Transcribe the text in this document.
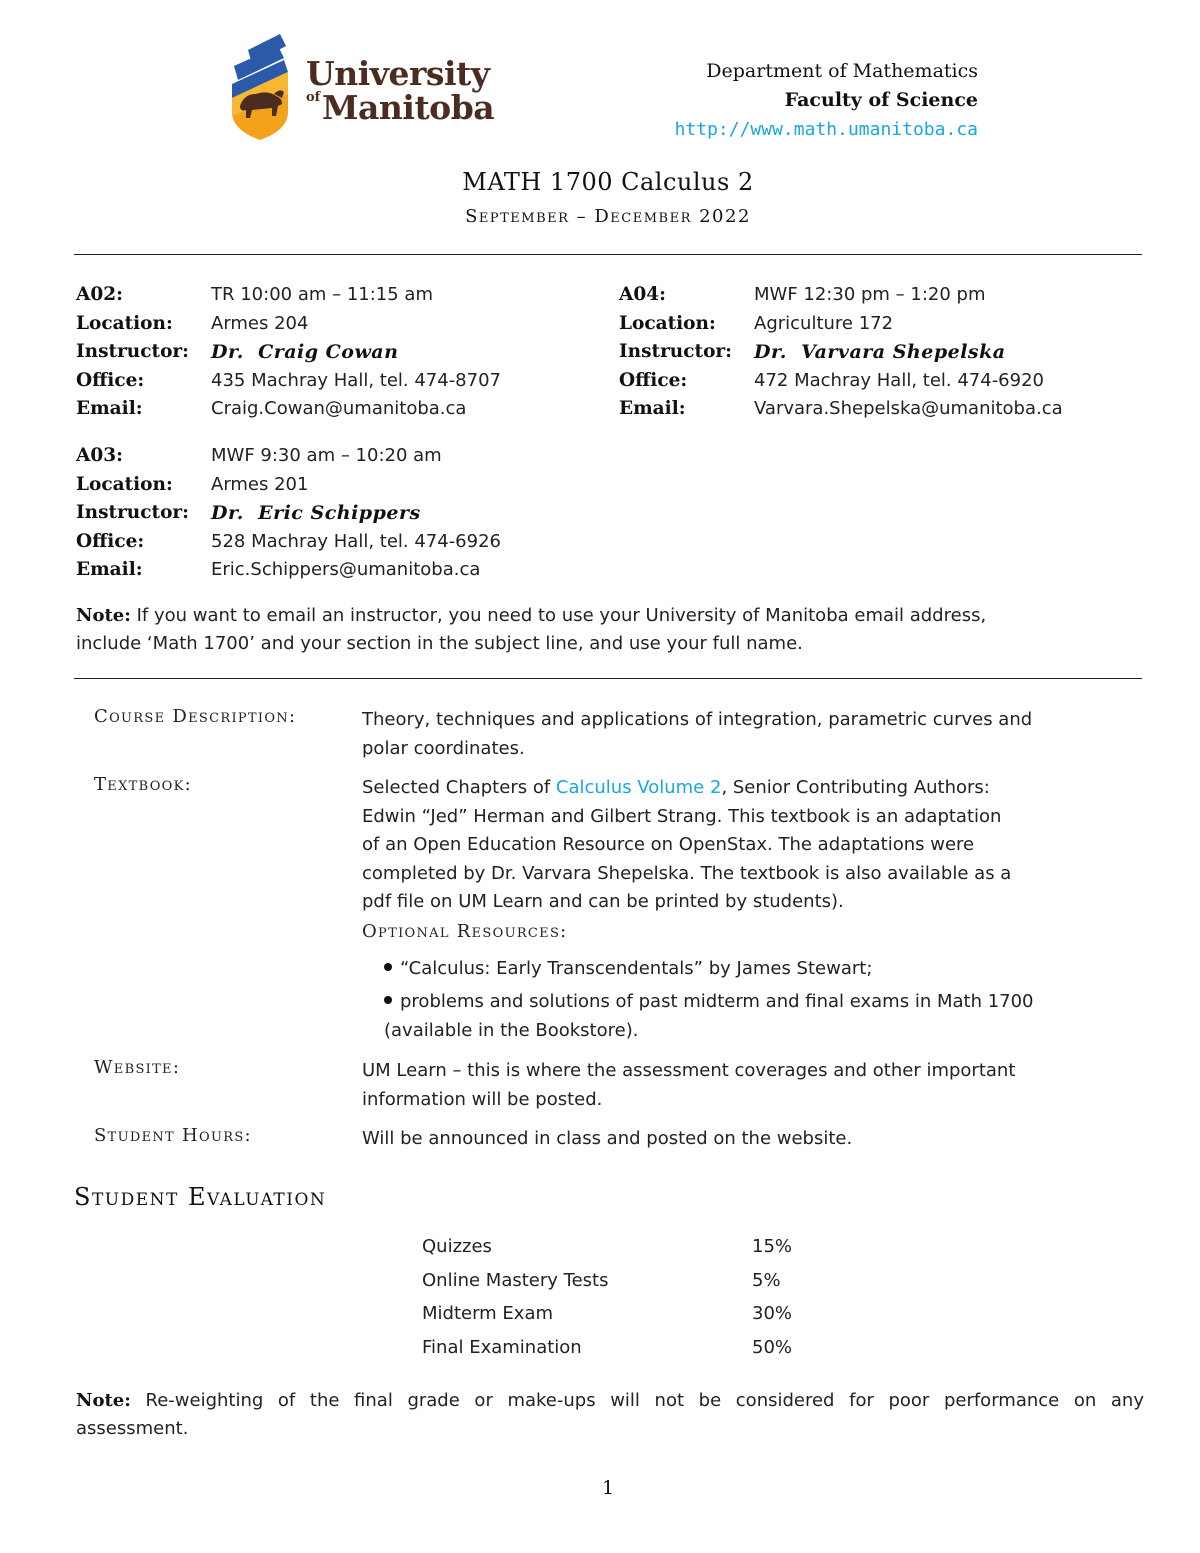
University
of Manitoba
Department of Mathematics
Faculty of Science
http://www.math.umanitoba.ca
MATH 1700 Calculus 2
September – December 2022
A02:	TR 10:00 am – 11:15 am
Location:	Armes 204
Instructor:	Dr.  Craig Cowan
Office:	435 Machray Hall, tel. 474-8707
Email:	Craig.Cowan@umanitoba.ca
A04:	MWF 12:30 pm – 1:20 pm
Location:	Agriculture 172
Instructor:	Dr.  Varvara Shepelska
Office:	472 Machray Hall, tel. 474-6920
Email:	Varvara.Shepelska@umanitoba.ca
A03:	MWF 9:30 am – 10:20 am
Location:	Armes 201
Instructor:	Dr.  Eric Schippers
Office:	528 Machray Hall, tel. 474-6926
Email:	Eric.Schippers@umanitoba.ca
Note: If you want to email an instructor, you need to use your University of Manitoba email address,
include ‘Math 1700’ and your section in the subject line, and use your full name.
Course Description:	Theory, techniques and applications of integration, parametric curves and
polar coordinates.
Textbook:	Selected Chapters of Calculus Volume 2, Senior Contributing Authors:
Edwin “Jed” Herman and Gilbert Strang. This textbook is an adaptation
of an Open Education Resource on OpenStax. The adaptations were
completed by Dr. Varvara Shepelska. The textbook is also available as a
pdf file on UM Learn and can be printed by students).
Optional Resources:
“Calculus: Early Transcendentals” by James Stewart;
problems and solutions of past midterm and final exams in Math 1700
(available in the Bookstore).
Website:	UM Learn – this is where the assessment coverages and other important
information will be posted.
Student Hours:	Will be announced in class and posted on the website.
Student Evaluation
Quizzes	15%
Online Mastery Tests	5%
Midterm Exam	30%
Final Examination	50%
Note: Re-weighting of the final grade or make-ups will not be considered for poor performance on any
assessment.
1
